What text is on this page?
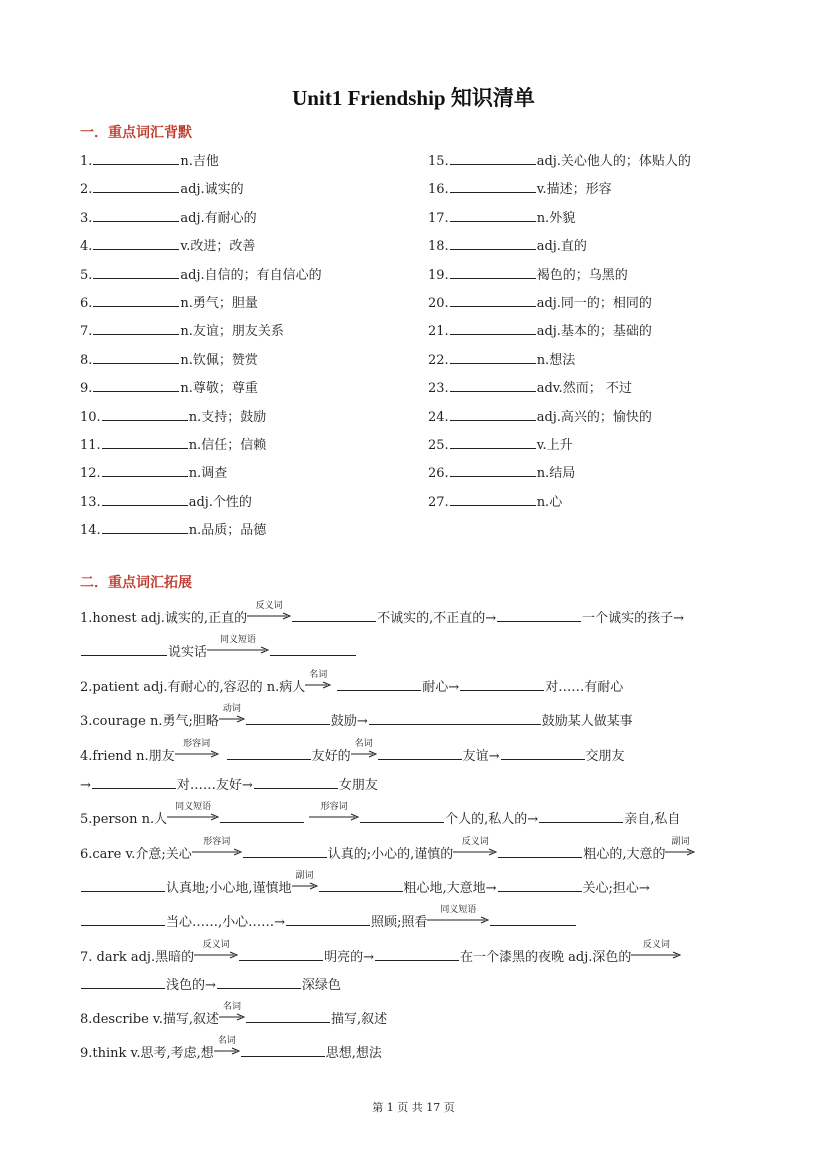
Unit1 Friendship 知识清单
一．重点词汇背默
1.	n.吉他
2.	adj.诚实的
3.	adj.有耐心的
4.	v.改进；改善
5.	adj.自信的；有自信心的
6.	n.勇气；胆量
7.	n.友谊；朋友关系
8.	n.钦佩；赞赏
9.	n.尊敬；尊重
10.	n.支持；鼓励
11.	n.信任；信赖
12.	n.调查
13.	adj.个性的
14.	n.品质；品德
15.	adj.关心他人的；体贴人的
16.	v.描述；形容
17.	n.外貌
18.	adj.直的
19.	褐色的；乌黑的
20.	adj.同一的；相同的
21.	adj.基本的；基础的
22.	n.想法
23.	adv.然而； 不过
24.	adj.高兴的；愉快的
25.	v.上升
26.	n.结局
27.	n.心
二．重点词汇拓展
1.honest adj.诚实的,正直的
反义词
不诚实的,不正直的→	一个诚实的孩子→
说实话
同义短语
2.patient adj.有耐心的,容忍的 n.病人
名词
耐心→	对……有耐心
3.courage n.勇气;胆略
动词
鼓励→	鼓励某人做某事
4.friend n.朋友
形容词
友好的
名词
友谊→	交朋友
→	对……友好→	女朋友
5.person n.人
同义短语	形容词
个人的,私人的→	亲自,私自
6.care v.介意;关心
形容词
认真的;小心的,谨慎的
反义词
粗心的,大意的
副词
认真地;小心地,谨慎地
副词
粗心地,大意地→	关心;担心→
当心……,小心……→	照顾;照看
同义短语
7. dark adj.黑暗的
反义词
明亮的→	在一个漆黑的夜晚 adj.深色的
反义词
浅色的→	深绿色
8.describe v.描写,叙述
名词
描写,叙述
9.think v.思考,考虑,想
名词
思想,想法
第 1 页 共 17 页
